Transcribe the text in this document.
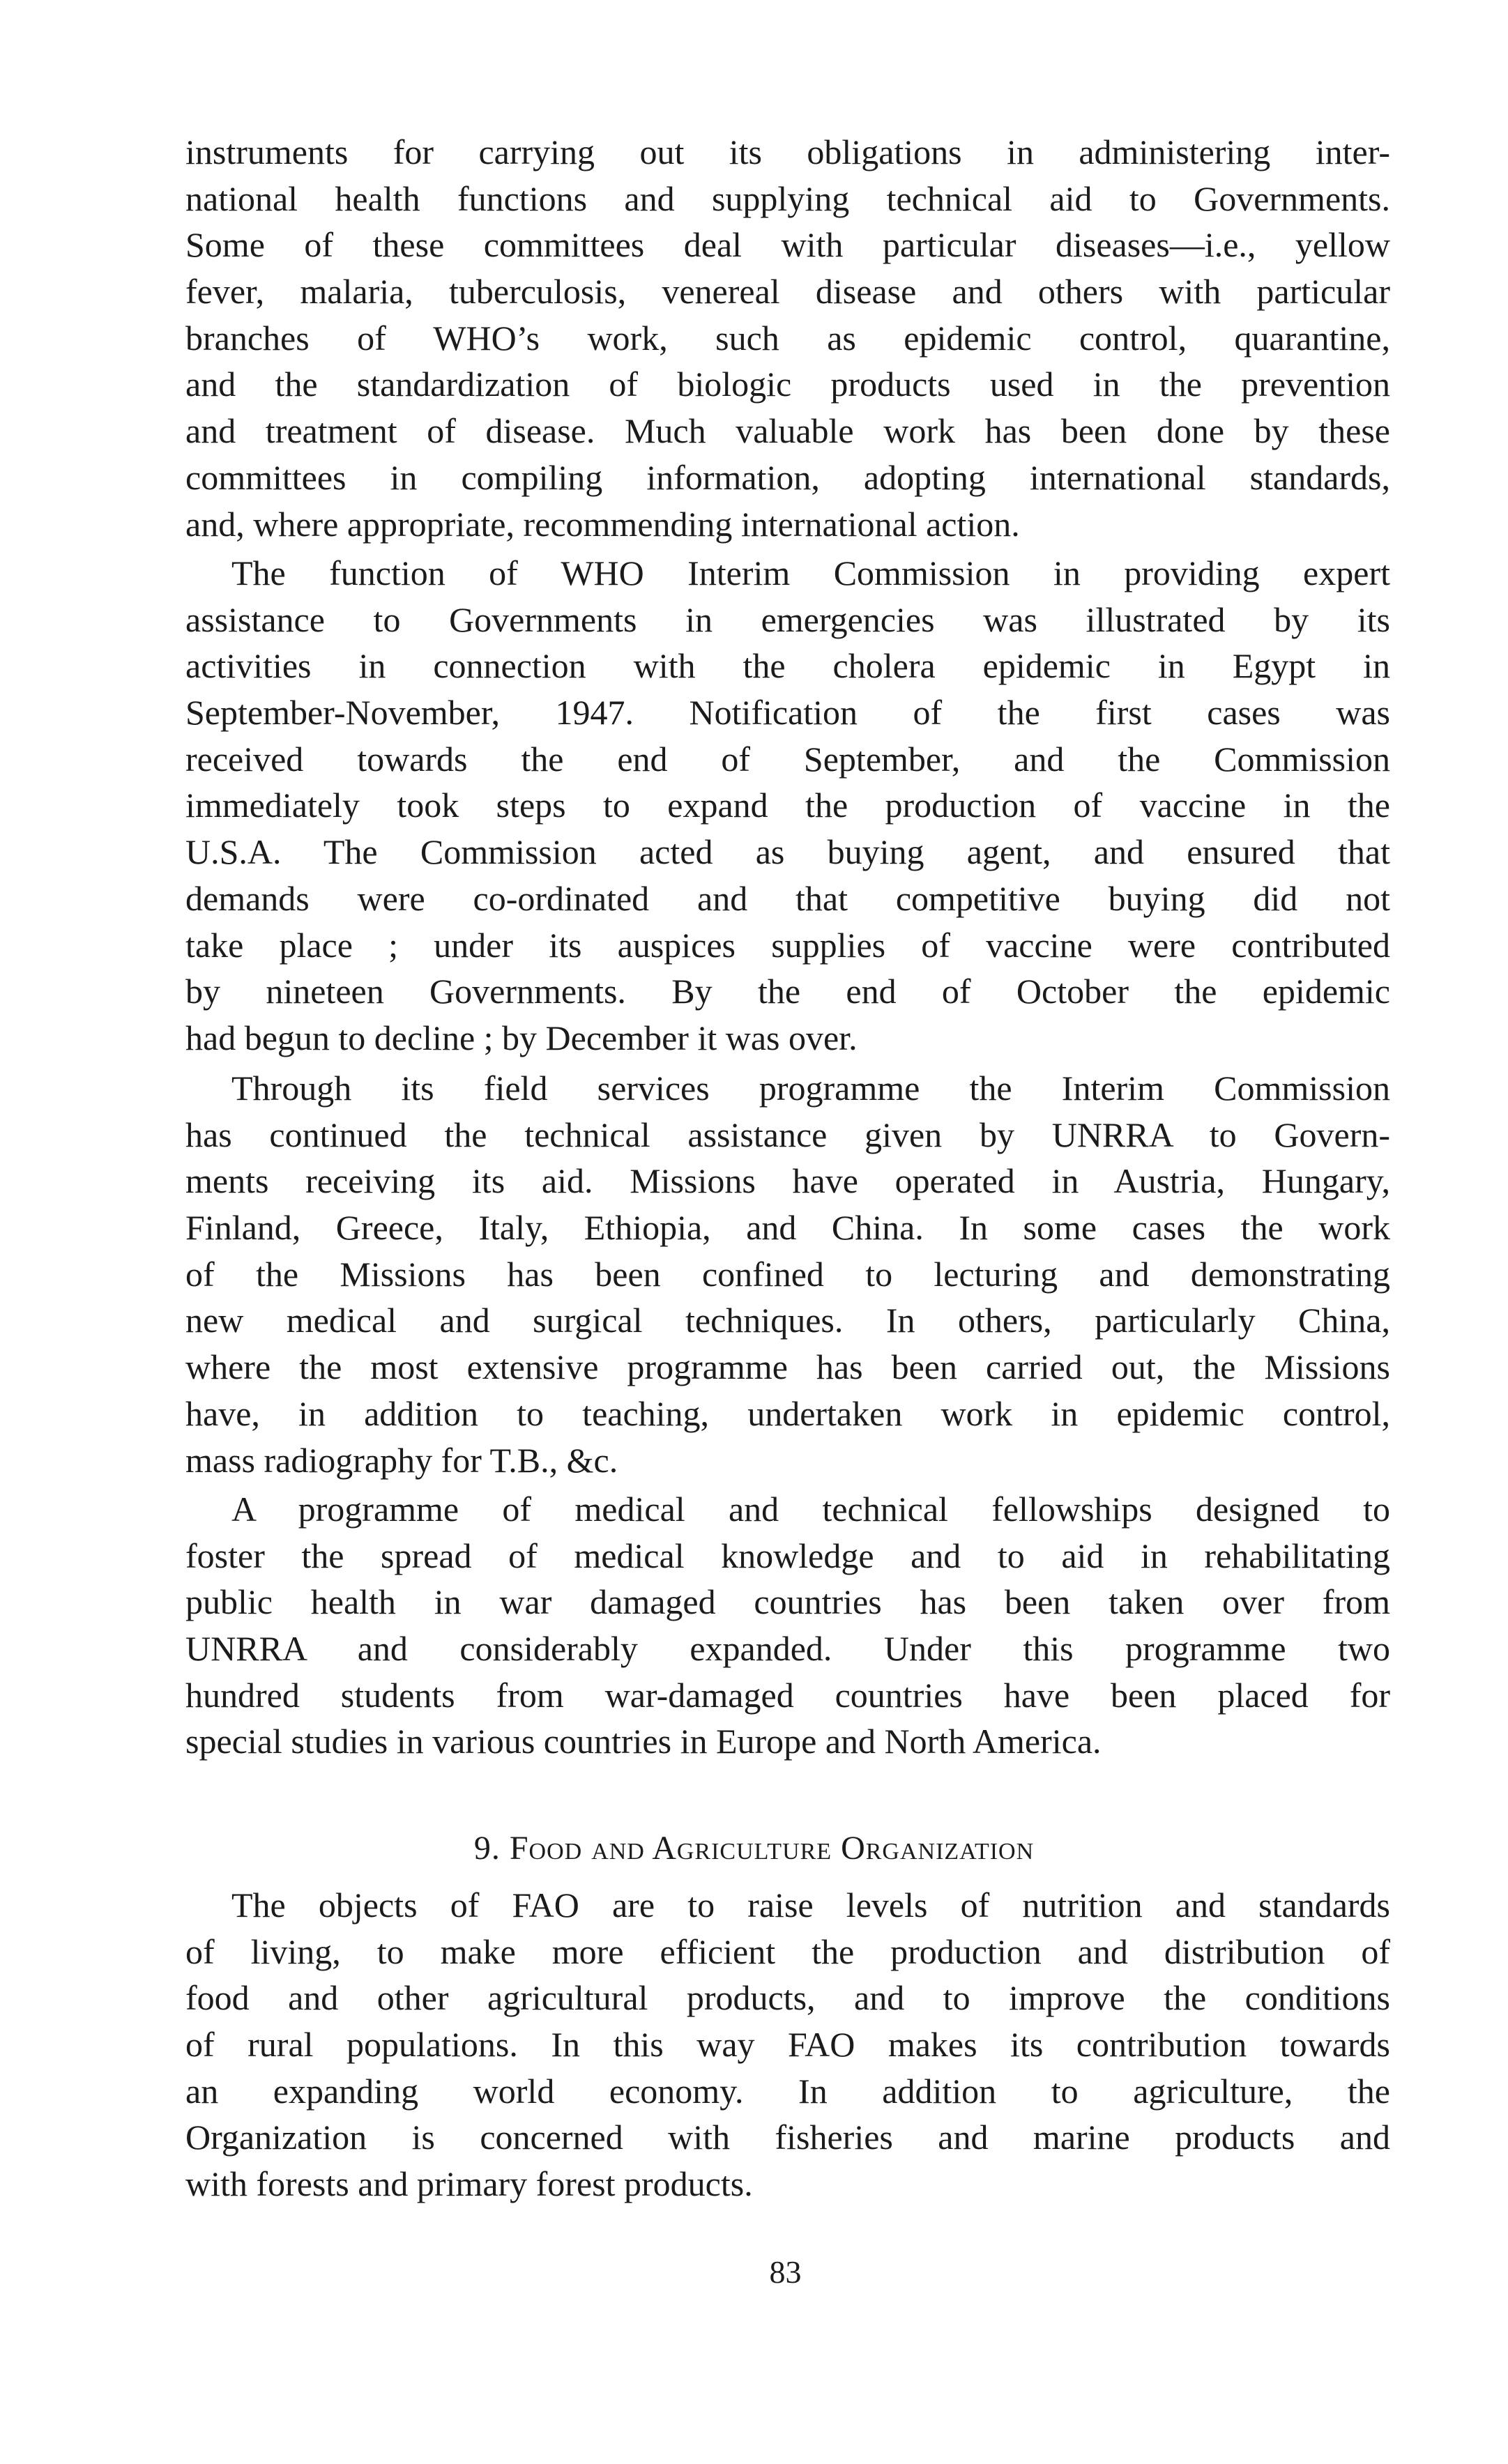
instruments for carrying out its obligations in administering inter-
national health functions and supplying technical aid to Governments.
Some of these committees deal with particular diseases—i.e., yellow
fever, malaria, tuberculosis, venereal disease and others with particular
branches of WHO’s work, such as epidemic control, quarantine,
and the standardization of biologic products used in the prevention
and treatment of disease. Much valuable work has been done by these
committees in compiling information, adopting international standards,
and, where appropriate, recommending international action.
The function of WHO Interim Commission in providing expert
assistance to Governments in emergencies was illustrated by its
activities in connection with the cholera epidemic in Egypt in
September-November, 1947. Notification of the first cases was
received towards the end of September, and the Commission
immediately took steps to expand the production of vaccine in the
U.S.A. The Commission acted as buying agent, and ensured that
demands were co-ordinated and that competitive buying did not
take place ; under its auspices supplies of vaccine were contributed
by nineteen Governments. By the end of October the epidemic
had begun to decline ; by December it was over.
Through its field services programme the Interim Commission
has continued the technical assistance given by UNRRA to Govern-
ments receiving its aid. Missions have operated in Austria, Hungary,
Finland, Greece, Italy, Ethiopia, and China. In some cases the work
of the Missions has been confined to lecturing and demonstrating
new medical and surgical techniques. In others, particularly China,
where the most extensive programme has been carried out, the Missions
have, in addition to teaching, undertaken work in epidemic control,
mass radiography for T.B., &c.
A programme of medical and technical fellowships designed to
foster the spread of medical knowledge and to aid in rehabilitating
public health in war damaged countries has been taken over from
UNRRA and considerably expanded. Under this programme two
hundred students from war-damaged countries have been placed for
special studies in various countries in Europe and North America.
9. Food and Agriculture Organization
The objects of FAO are to raise levels of nutrition and standards
of living, to make more efficient the production and distribution of
food and other agricultural products, and to improve the conditions
of rural populations. In this way FAO makes its contribution towards
an expanding world economy. In addition to agriculture, the
Organization is concerned with fisheries and marine products and
with forests and primary forest products.
83
